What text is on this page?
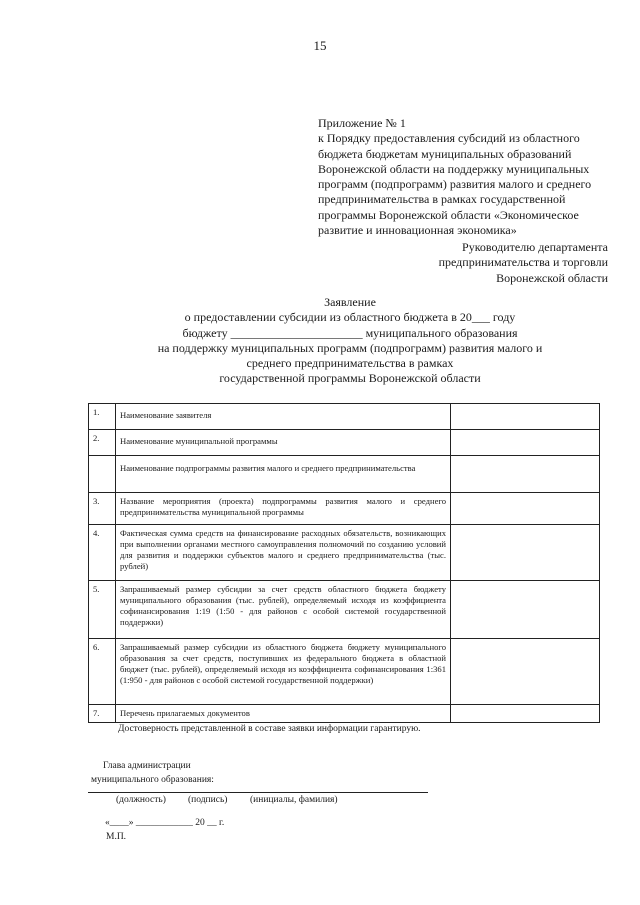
15
Приложение № 1
к Порядку предоставления субсидий из областного
бюджета бюджетам муниципальных образований
Воронежской области на поддержку муниципальных
программ (подпрограмм) развития малого и среднего
предпринимательства в рамках государственной
программы Воронежской области «Экономическое
развитие и инновационная экономика»
Руководителю департамента
предпринимательства и торговли
Воронежской области
Заявление
о предоставлении субсидии из областного бюджета в 20___ году
бюджету ______________________ муниципального образования
на поддержку муниципальных программ (подпрограмм) развития малого и
среднего предпринимательства в рамках
государственной программы Воронежской области
1.	Наименование заявителя	
2.	Наименование муниципальной программы	
	Наименование подпрограммы развития малого и среднего предпринимательства	
3.	Название мероприятия (проекта) подпрограммы развития малого и среднего предпринимательства муниципальной программы	
4.	Фактическая сумма средств на финансирование расходных обязательств, возникающих при выполнении органами местного самоуправления полномочий по созданию условий для развития и поддержки субъектов малого и среднего предпринимательства (тыс. рублей)	
5.	Запрашиваемый размер субсидии за счет средств областного бюджета бюджету муниципального образования (тыс. рублей), определяемый исходя из коэффициента софинансирования 1:19 (1:50 - для районов с особой системой государственной поддержки)	
6.	Запрашиваемый размер субсидии из областного бюджета бюджету муниципального образования за счет средств, поступивших из федерального бюджета в областной бюджет (тыс. рублей), определяемый исходя из коэффициента софинансирования 1:361 (1:950 - для районов с особой системой государственной поддержки)	
7.	Перечень прилагаемых документов	
Достоверность представленной в составе заявки информации гарантирую.
Глава администрации
муниципального образования:
(должность) (подпись) (инициалы, фамилия)
«____» ____________ 20 __ г.
М.П.
